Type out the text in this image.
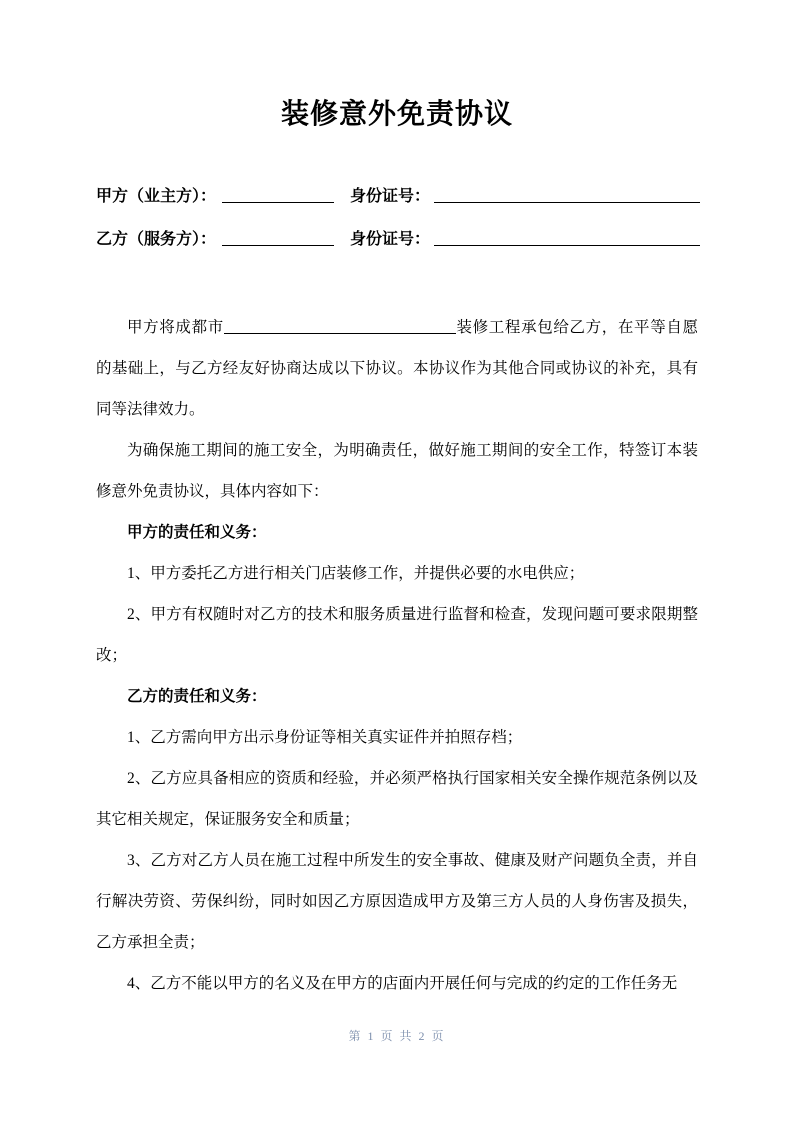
装修意外免责协议
甲方（业主方）：	身份证号：
乙方（服务方）：	身份证号：

甲方将成都市	装修工程承包给乙方，在平等自愿的基础上，与乙方经友好协商达成以下协议。本协议作为其他合同或协议的补充，具有同等法律效力。

为确保施工期间的施工安全，为明确责任，做好施工期间的安全工作，特签订本装修意外免责协议，具体内容如下：

甲方的责任和义务：

1、甲方委托乙方进行相关门店装修工作，并提供必要的水电供应；

2、甲方有权随时对乙方的技术和服务质量进行监督和检查，发现问题可要求限期整改；

乙方的责任和义务：

1、乙方需向甲方出示身份证等相关真实证件并拍照存档；

2、乙方应具备相应的资质和经验，并必须严格执行国家相关安全操作规范条例以及其它相关规定，保证服务安全和质量；

3、乙方对乙方人员在施工过程中所发生的安全事故、健康及财产问题负全责，并自行解决劳资、劳保纠纷，同时如因乙方原因造成甲方及第三方人员的人身伤害及损失，乙方承担全责；

4、乙方不能以甲方的名义及在甲方的店面内开展任何与完成的约定的工作任务无

第 1 页 共 2 页
